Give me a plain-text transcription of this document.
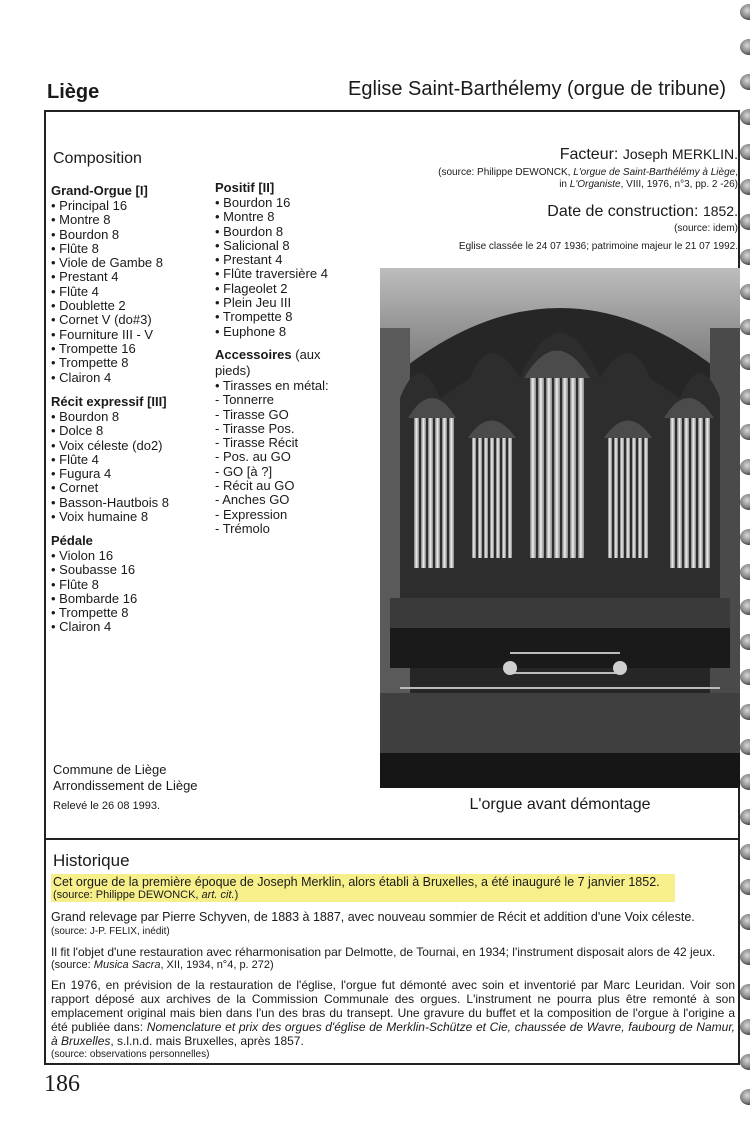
Liège	Eglise Saint-Barthélemy (orgue de tribune)
Composition

Grand-Orgue [I]

• Principal 16
• Montre 8
• Bourdon 8
• Flûte 8
• Viole de Gambe 8
• Prestant 4
• Flûte 4
• Doublette 2
• Cornet V (do#3)
• Fourniture III - V
• Trompette 16
• Trompette 8
• Clairon 4

Récit expressif [III]

• Bourdon 8
• Dolce 8
• Voix céleste (do2)
• Flûte 4
• Fugura 4
• Cornet
• Basson-Hautbois 8
• Voix humaine 8

Pédale

• Violon 16
• Soubasse 16
• Flûte 8
• Bombarde 16
• Trompette 8
• Clairon 4

Positif [II]

• Bourdon 16
• Montre 8
• Bourdon 8
• Salicional 8
• Prestant 4
• Flûte traversière 4
• Flageolet 2
• Plein Jeu III
• Trompette 8
• Euphone 8

Accessoires (aux pieds)

• Tirasses en métal:
- Tonnerre
- Tirasse GO
- Tirasse Pos.
- Tirasse Récit
- Pos. au GO
- GO [à ?]
- Récit au GO
- Anches GO
- Expression
- Trémolo
Facteur: Joseph MERKLIN.
(source: Philippe DEWONCK, L'orgue de Saint-Barthélémy à Liège,
in L'Organiste, VIII, 1976, n°3, pp. 2 -26)
Date de construction: 1852.
(source: idem)
Eglise classée le 24 07 1936; patrimoine majeur le 21 07 1992.
L'orgue avant démontage
Commune de Liège
Arrondissement de Liège
Relevé le 26 08 1993.
Historique

Cet orgue de la première époque de Joseph Merklin, alors établi à Bruxelles, a été inauguré le 7 janvier 1852.

(source: Philippe DEWONCK, art. cit.)

Grand relevage par Pierre Schyven, de 1883 à 1887, avec nouveau sommier de Récit et addition d'une Voix céleste.

(source: J-P. FELIX, inédit)

Il fit l'objet d'une restauration avec réharmonisation par Delmotte, de Tournai, en 1934; l'instrument disposait alors de 42 jeux.

(source: Musica Sacra, XII, 1934, n°4, p. 272)

En 1976, en prévision de la restauration de l'église, l'orgue fut démonté avec soin et inventorié par Marc Leuridan. Voir son rapport déposé aux archives de la Commission Communale des orgues. L'instrument ne pourra plus être remonté à son emplacement original mais bien dans l'un des bras du transept. Une gravure du buffet et la composition de l'orgue à l'origine a été publiée dans: Nomenclature et prix des orgues d'église de Merklin-Schütze et Cie, chaussée de Wavre, faubourg de Namur, à Bruxelles, s.l.n.d. mais Bruxelles, après 1857.

(source: observations personnelles)

186
